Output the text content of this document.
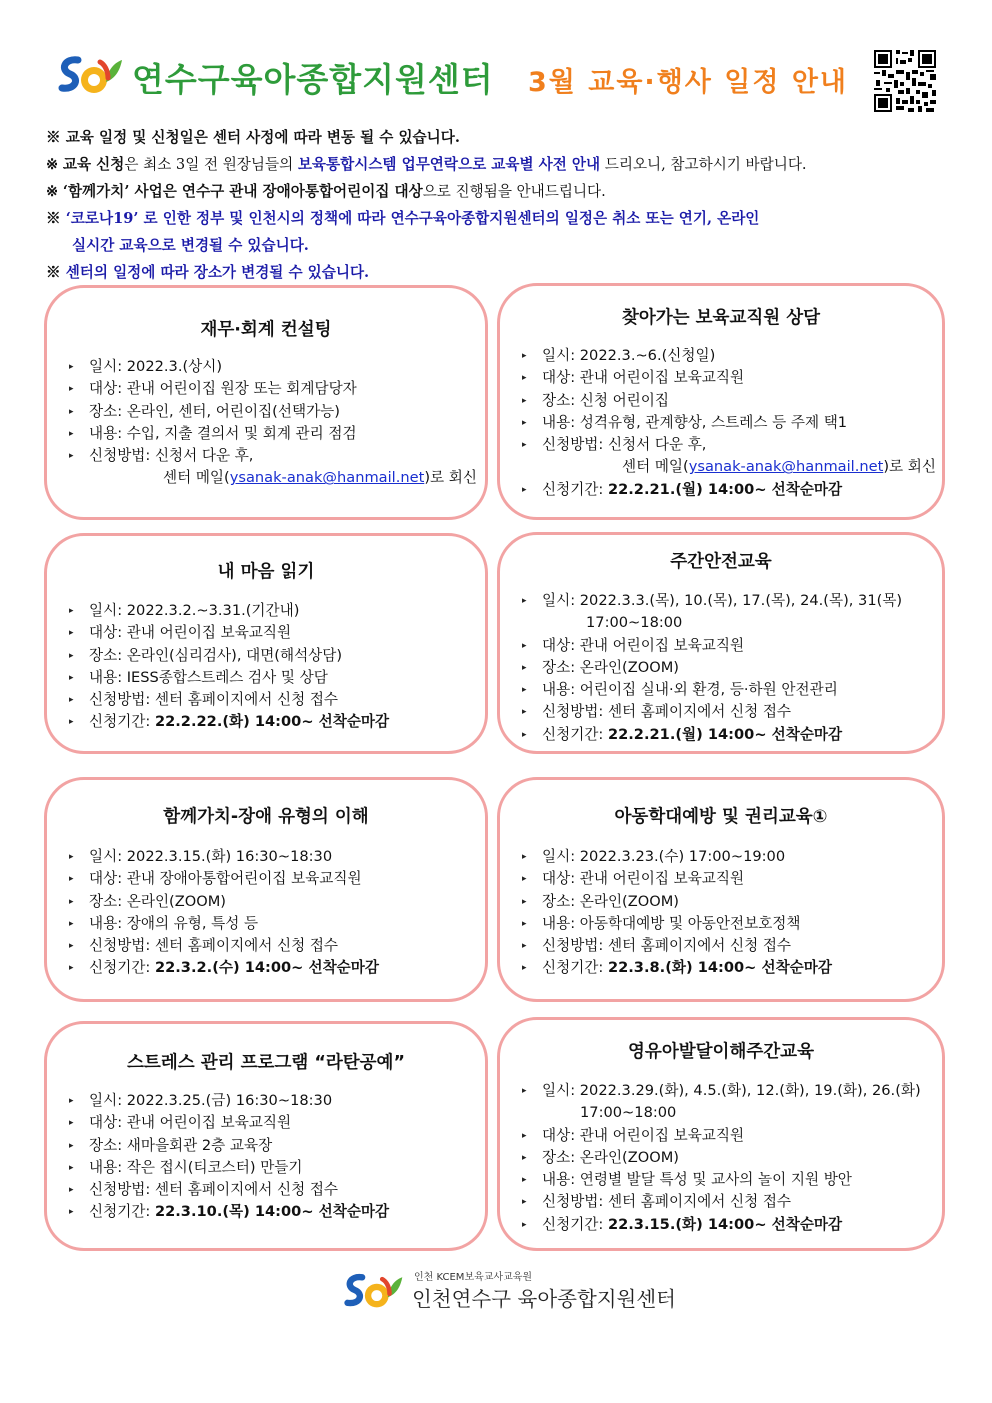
연수구육아종합지원센터 3월 교육·행사 일정 안내
※ 교육 일정 및 신청일은 센터 사정에 따라 변동 될 수 있습니다.
※ 교육 신청은 최소 3일 전 원장님들의 보육통합시스템 업무연락으로 교육별 사전 안내 드리오니, 참고하시기 바랍니다.
※ ‘함께가치’ 사업은 연수구 관내 장애아통합어린이집 대상으로 진행됨을 안내드립니다.
※ ‘코로나19’ 로 인한 정부 및 인천시의 정책에 따라 연수구육아종합지원센터의 일정은 취소 또는 연기, 온라인
실시간 교육으로 변경될 수 있습니다.
※ 센터의 일정에 따라 장소가 변경될 수 있습니다.
재무·회계 컨설팅
▸ 일시: 2022.3.(상시)
▸ 대상: 관내 어린이집 원장 또는 회계담당자
▸ 장소: 온라인, 센터, 어린이집(선택가능)
▸ 내용: 수입, 지출 결의서 및 회계 관리 점검
▸ 신청방법: 신청서 다운 후,
센터 메일(ysanak-anak@hanmail.net)로 회신
찾아가는 보육교직원 상담
▸ 일시: 2022.3.~6.(신청일)
▸ 대상: 관내 어린이집 보육교직원
▸ 장소: 신청 어린이집
▸ 내용: 성격유형, 관계향상, 스트레스 등 주제 택1
▸ 신청방법: 신청서 다운 후,
센터 메일(ysanak-anak@hanmail.net)로 회신
▸ 신청기간: 22.2.21.(월) 14:00~ 선착순마감
내 마음 읽기
▸ 일시: 2022.3.2.~3.31.(기간내)
▸ 대상: 관내 어린이집 보육교직원
▸ 장소: 온라인(심리검사), 대면(해석상담)
▸ 내용: IESS종합스트레스 검사 및 상담
▸ 신청방법: 센터 홈페이지에서 신청 접수
▸ 신청기간: 22.2.22.(화) 14:00~ 선착순마감
주간안전교육
▸ 일시: 2022.3.3.(목), 10.(목), 17.(목), 24.(목), 31(목)
17:00~18:00
▸ 대상: 관내 어린이집 보육교직원
▸ 장소: 온라인(ZOOM)
▸ 내용: 어린이집 실내·외 환경, 등·하원 안전관리
▸ 신청방법: 센터 홈페이지에서 신청 접수
▸ 신청기간: 22.2.21.(월) 14:00~ 선착순마감
함께가치-장애 유형의 이해
▸ 일시: 2022.3.15.(화) 16:30~18:30
▸ 대상: 관내 장애아통합어린이집 보육교직원
▸ 장소: 온라인(ZOOM)
▸ 내용: 장애의 유형, 특성 등
▸ 신청방법: 센터 홈페이지에서 신청 접수
▸ 신청기간: 22.3.2.(수) 14:00~ 선착순마감
아동학대예방 및 권리교육①
▸ 일시: 2022.3.23.(수) 17:00~19:00
▸ 대상: 관내 어린이집 보육교직원
▸ 장소: 온라인(ZOOM)
▸ 내용: 아동학대예방 및 아동안전보호정책
▸ 신청방법: 센터 홈페이지에서 신청 접수
▸ 신청기간: 22.3.8.(화) 14:00~ 선착순마감
스트레스 관리 프로그램 “라탄공예”
▸ 일시: 2022.3.25.(금) 16:30~18:30
▸ 대상: 관내 어린이집 보육교직원
▸ 장소: 새마을회관 2층 교육장
▸ 내용: 작은 접시(티코스터) 만들기
▸ 신청방법: 센터 홈페이지에서 신청 접수
▸ 신청기간: 22.3.10.(목) 14:00~ 선착순마감
영유아발달이해주간교육
▸ 일시: 2022.3.29.(화), 4.5.(화), 12.(화), 19.(화), 26.(화)
17:00~18:00
▸ 대상: 관내 어린이집 보육교직원
▸ 장소: 온라인(ZOOM)
▸ 내용: 연령별 발달 특성 및 교사의 놀이 지원 방안
▸ 신청방법: 센터 홈페이지에서 신청 접수
▸ 신청기간: 22.3.15.(화) 14:00~ 선착순마감
인천 KCEM보육교사교육원
인천연수구 육아종합지원센터
